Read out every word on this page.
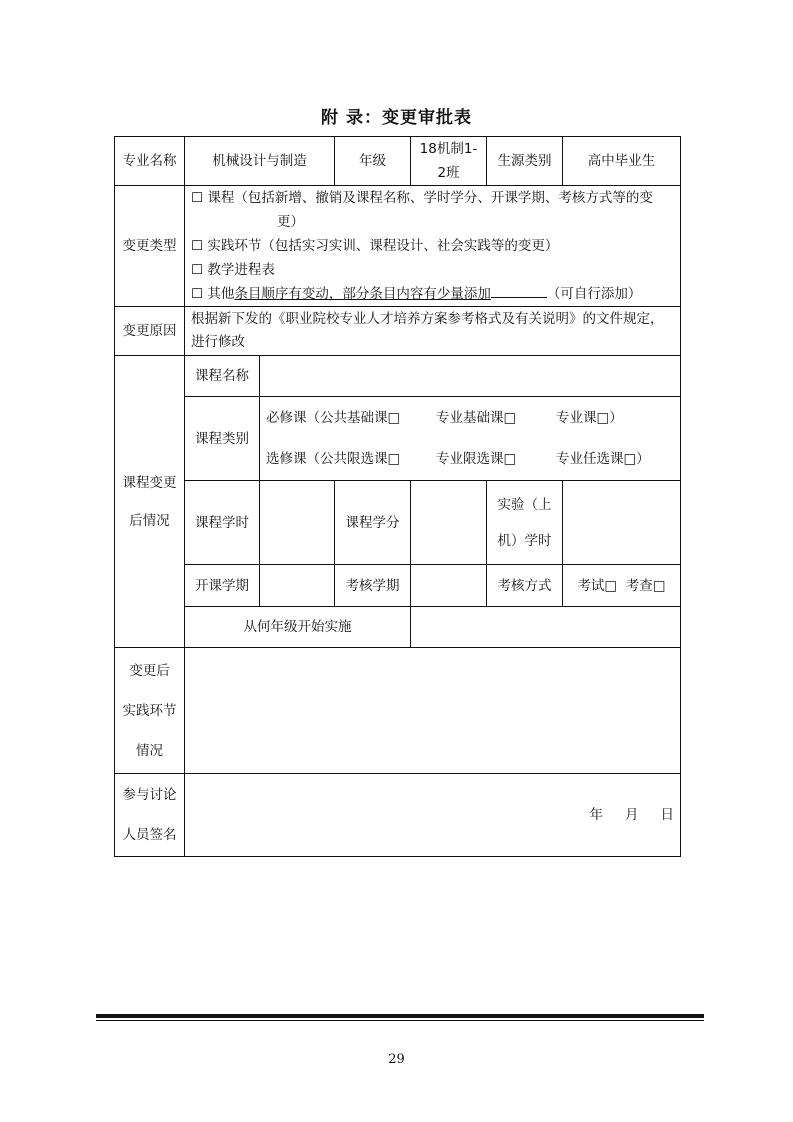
附 录：变更审批表
专业名称	机械设计与制造		年级	18机制1-2班	生源类别	高中毕业生
变更类型	☐ 课程（包括新增、撤销及课程名称、学时学分、开课学期、考核方式等的变
更）
☐ 实践环节（包括实习实训、课程设计、社会实践等的变更）
☐ 教学进程表
☐ 其他条目顺序有变动，部分条目内容有少量添加 （可自行添加）					

变更原因	根据新下发的《职业院校专业人才培养方案参考格式及有关说明》的文件规定，进行修改					
课程变更后情况	课程名称					
	课程类别	必修课（公共基础课□ 专业基础课□ 专业课□）
选修课（公共限选课□ 专业限选课□ 专业任选课□）				

	课程学时		课程学分		实验（上
机）学时	

	开课学期		考核学期		考核方式	考试□ 考查□
	从何年级开始实施					

变更后
实践环节
情况						

参与讨论
人员签名	年 月 日					
29
